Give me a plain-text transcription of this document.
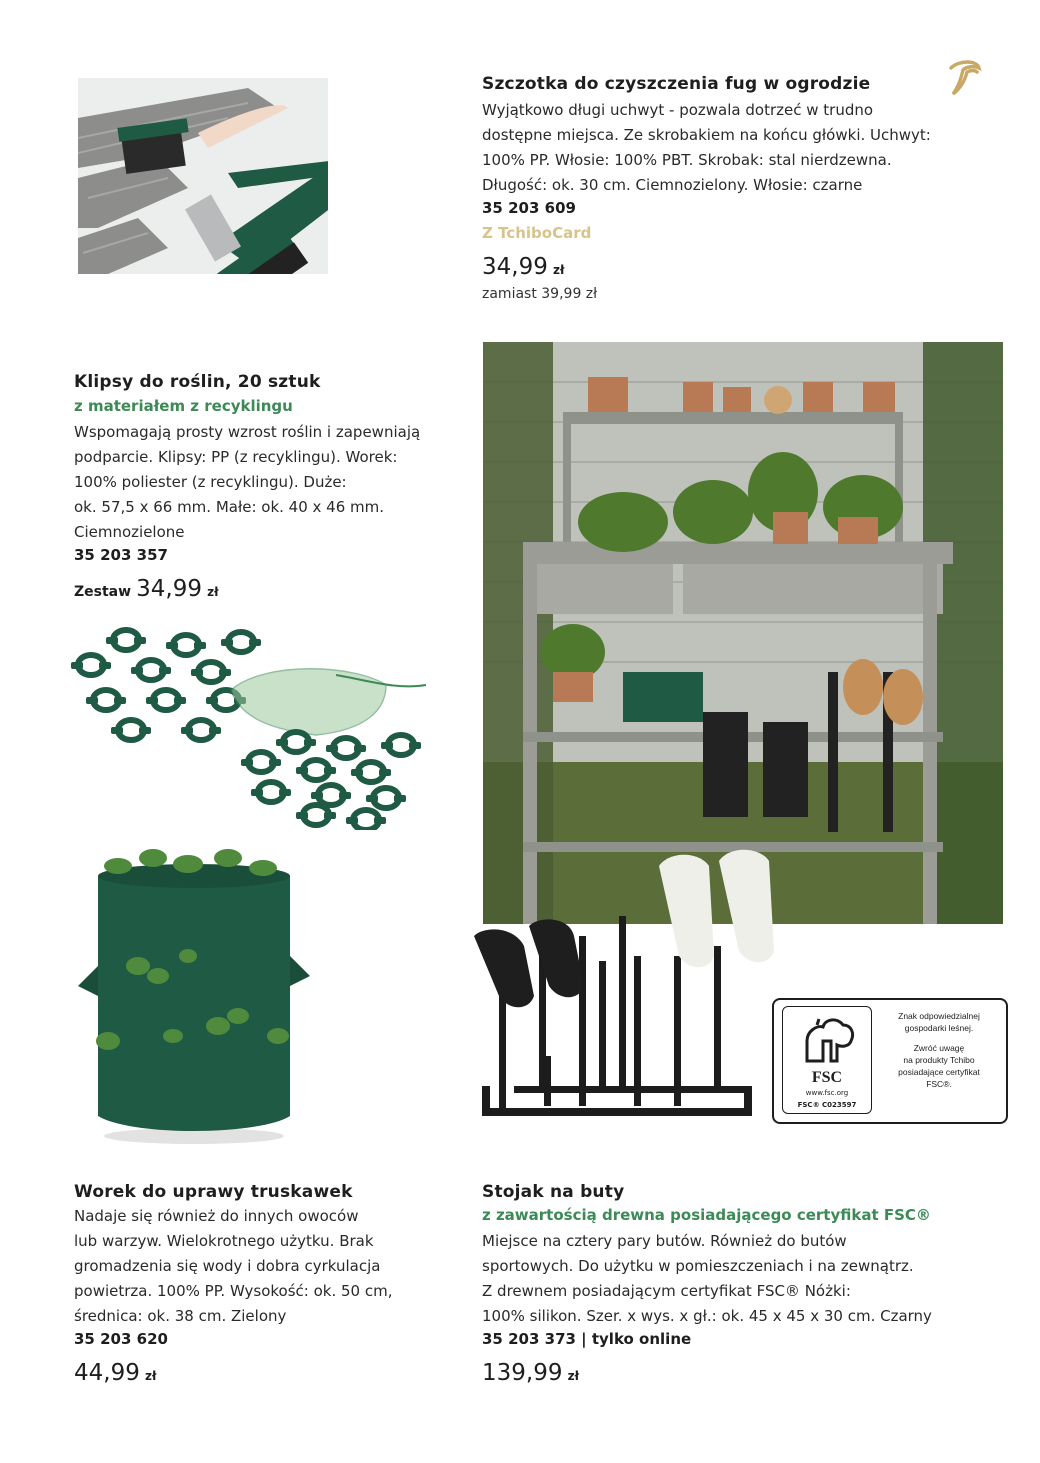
Szczotka do czyszczenia fug w ogrodzie
Wyjątkowo długi uchwyt - pozwala dotrzeć w trudno
dostępne miejsca. Ze skrobakiem na końcu główki. Uchwyt:
100% PP. Włosie: 100% PBT. Skrobak: stal nierdzewna.
Długość: ok. 30 cm. Ciemnozielony. Włosie: czarne
35 203 609
Z TchiboCard
34,99 zł
zamiast 39,99 zł
Klipsy do roślin, 20 sztuk
z materiałem z recyklingu
Wspomagają prosty wzrost roślin i zapewniają
podparcie. Klipsy: PP (z recyklingu). Worek:
100% poliester (z recyklingu). Duże:
ok. 57,5 x 66 mm. Małe: ok. 40 x 46 mm.
Ciemnozielone
35 203 357
Zestaw 34,99 zł
Worek do uprawy truskawek
Nadaje się również do innych owoców
lub warzyw. Wielokrotnego użytku. Brak
gromadzenia się wody i dobra cyrkulacja
powietrza. 100% PP. Wysokość: ok. 50 cm,
średnica: ok. 38 cm. Zielony
35 203 620
44,99 zł
FSC
www.fsc.org
FSC® C023597
Znak odpowiedzialnej
gospodarki leśnej.
Zwróć uwagę
na produkty Tchibo
posiadające certyfikat
FSC®.
Stojak na buty
z zawartością drewna posiadającego certyfikat FSC®
Miejsce na cztery pary butów. Również do butów
sportowych. Do użytku w pomieszczeniach i na zewnątrz.
Z drewnem posiadającym certyfikat FSC® Nóżki:
100% silikon. Szer. x wys. x gł.: ok. 45 x 45 x 30 cm. Czarny
35 203 373 | tylko online
139,99 zł
